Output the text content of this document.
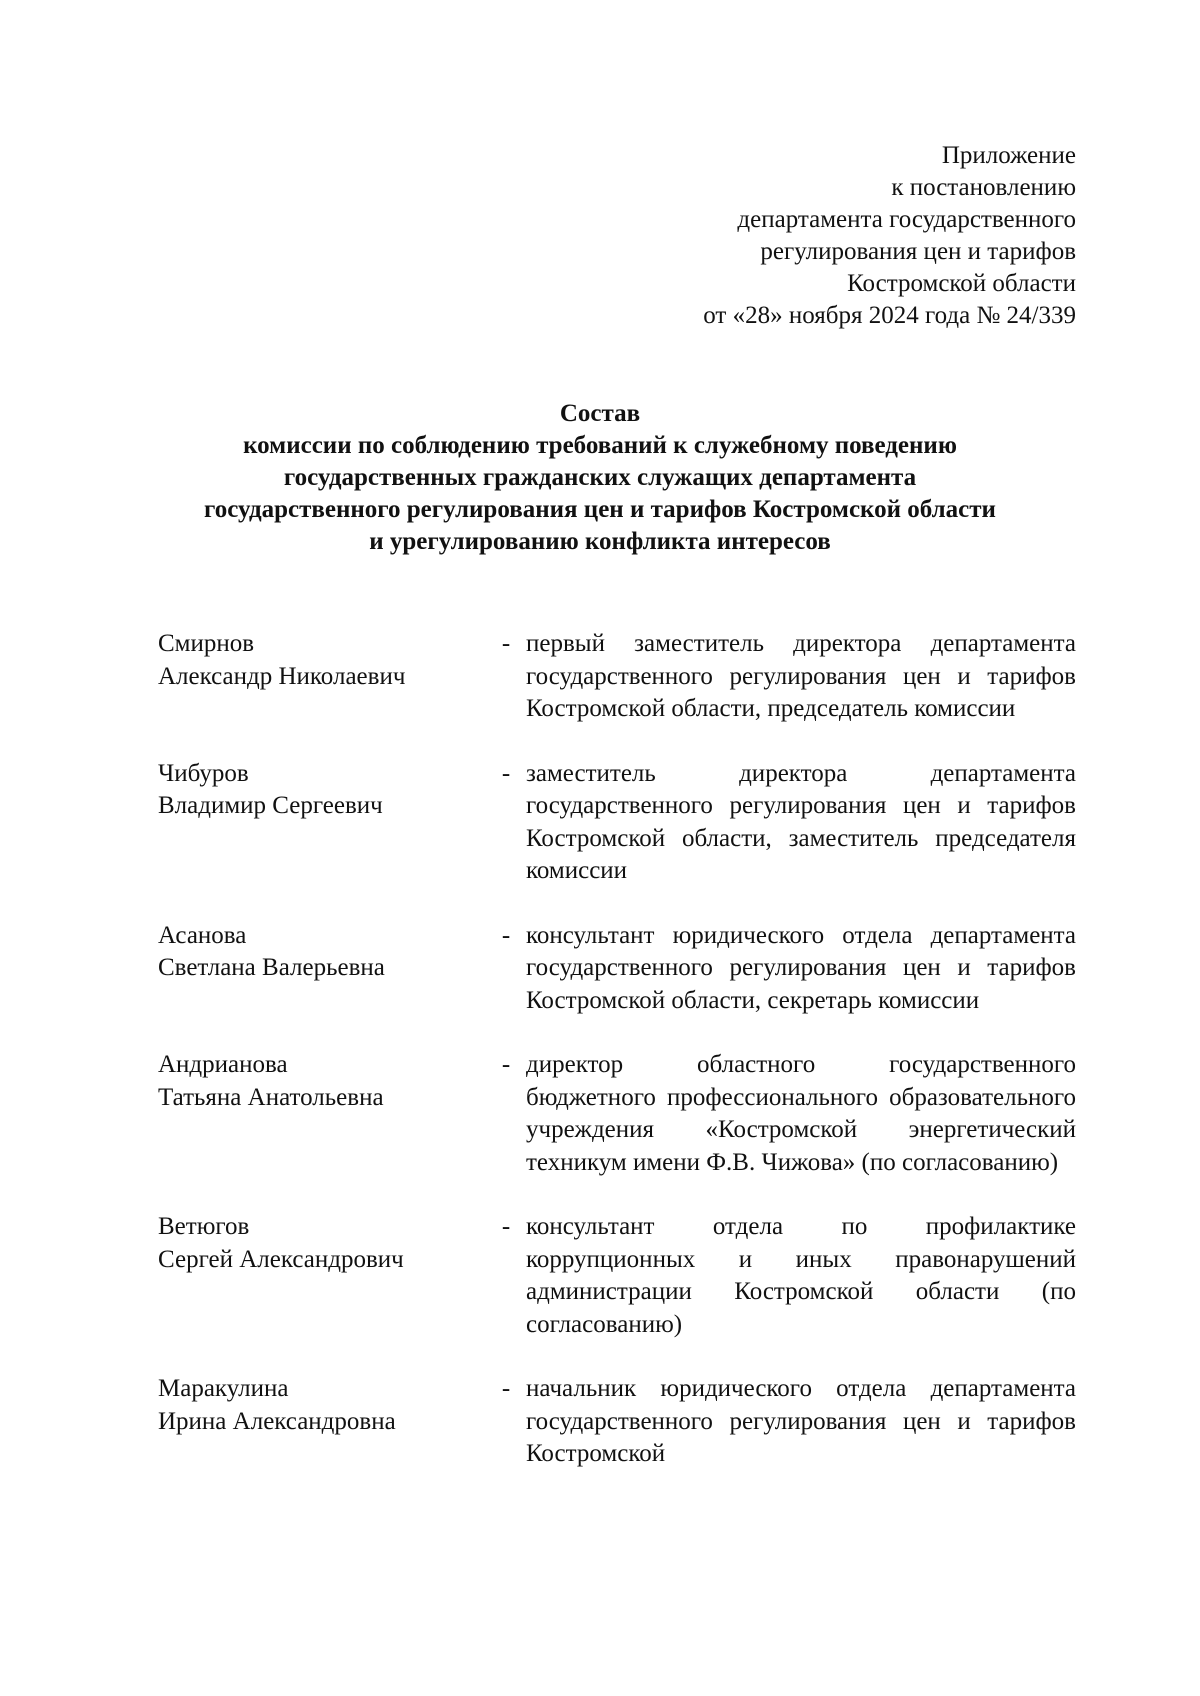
Приложение
к постановлению
департамента государственного
регулирования цен и тарифов
Костромской области
от «28» ноября 2024 года № 24/339
Состав
комиссии по соблюдению требований к служебному поведению
государственных гражданских служащих департамента
государственного регулирования цен и тарифов Костромской области
и урегулированию конфликта интересов
Смирнов
Александр Николаевич
- первый заместитель директора департамента государственного регулирования цен и тарифов Костромской области, председатель комиссии
Чибуров
Владимир Сергеевич
- заместитель директора департамента государственного регулирования цен и тарифов Костромской области, заместитель председателя комиссии
Асанова
Светлана Валерьевна
- консультант юридического отдела департамента государственного регулирования цен и тарифов Костромской области, секретарь комиссии
Андрианова
Татьяна Анатольевна
- директор областного государственного бюджетного профессионального образовательного учреждения «Костромской энергетический техникум имени Ф.В. Чижова» (по согласованию)
Ветюгов
Сергей Александрович
- консультант отдела по профилактике коррупционных и иных правонарушений администрации Костромской области (по согласованию)
Маракулина
Ирина Александровна
- начальник юридического отдела департамента государственного регулирования цен и тарифов Костромской
